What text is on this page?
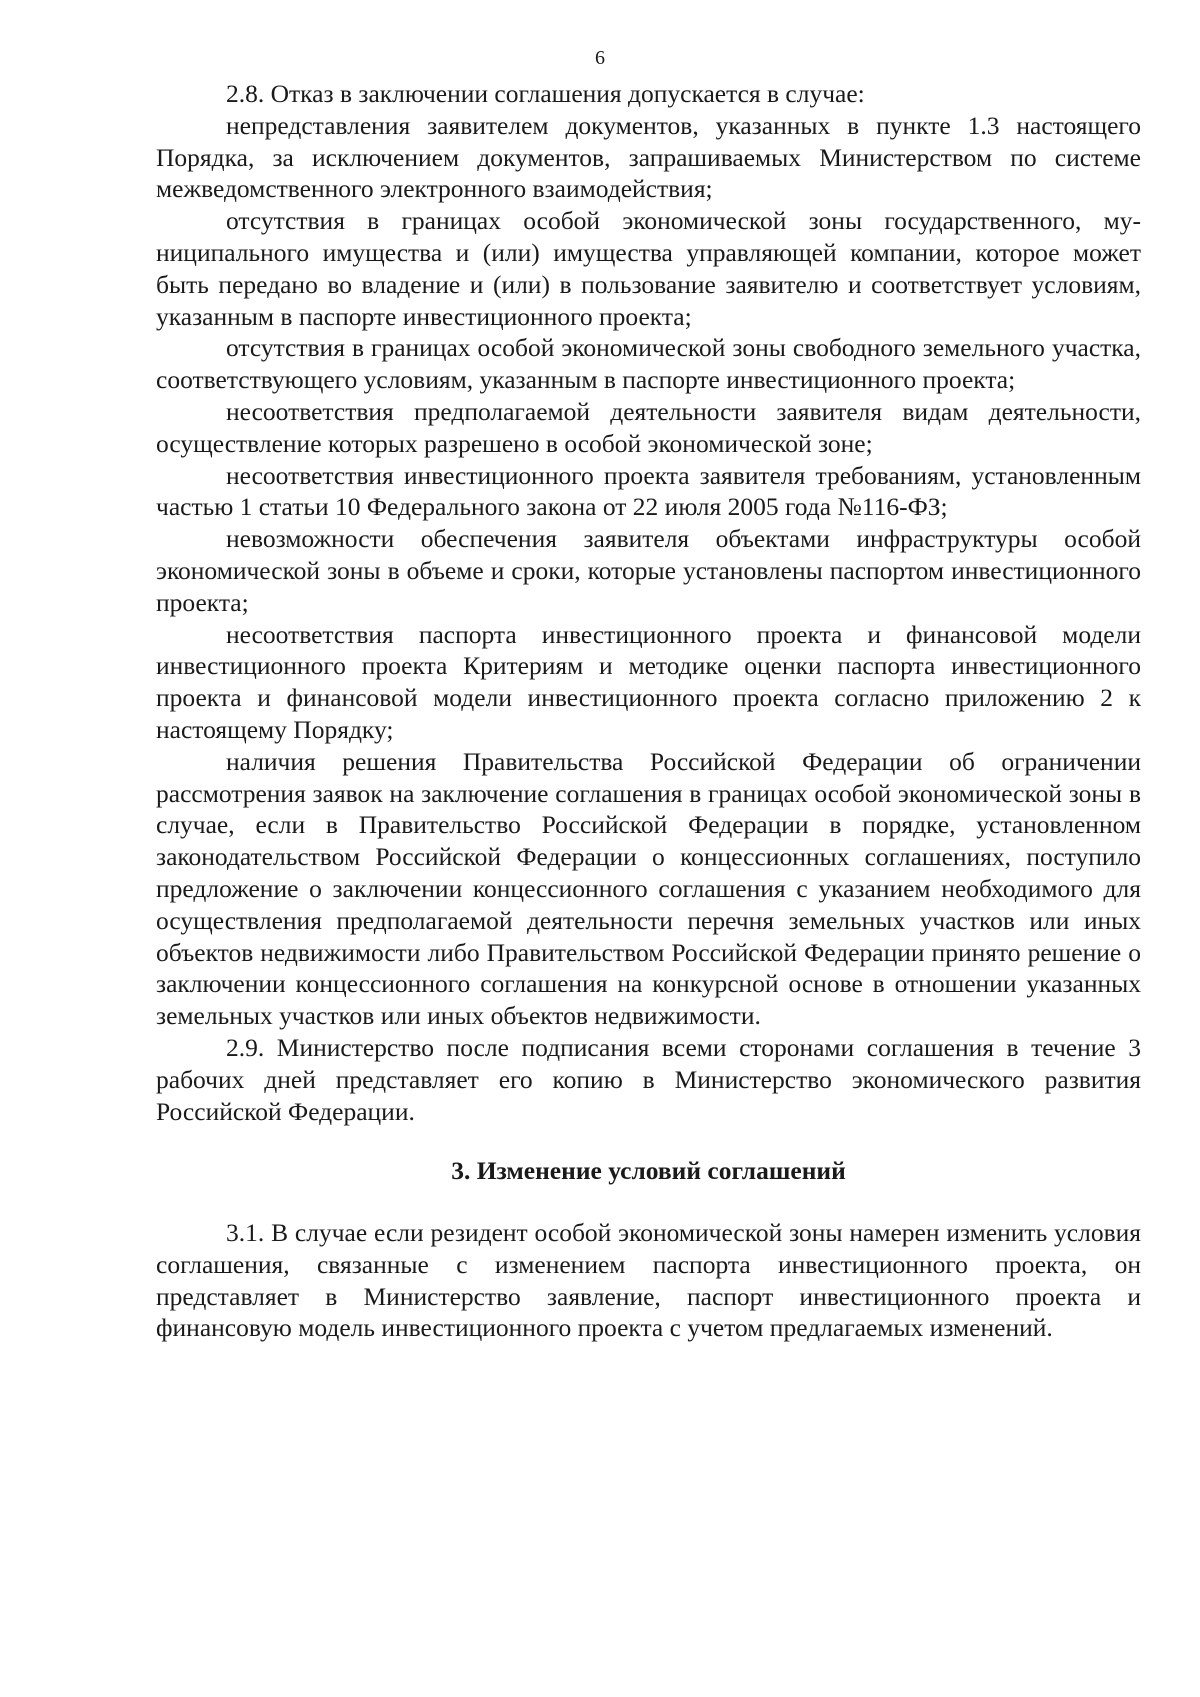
6

2.8. Отказ в заключении соглашения допускается в случае:

непредставления заявителем документов, указанных в пункте 1.3 настоящего Порядка, за исключением документов, запрашиваемых Министерством по системе межведомственного электронного взаимодействия;

отсутствия в границах особой экономической зоны государственного, муниципального имущества и (или) имущества управляющей компании, которое может быть передано во владение и (или) в пользование заявителю и соответствует условиям, указанным в паспорте инвестиционного проекта;

отсутствия в границах особой экономической зоны свободного земельного участка, соответствующего условиям, указанным в паспорте инвестиционного проекта;

несоответствия предполагаемой деятельности заявителя видам деятельности, осуществление которых разрешено в особой экономической зоне;

несоответствия инвестиционного проекта заявителя требованиям, установленным частью 1 статьи 10 Федерального закона от 22 июля 2005 года №116-ФЗ;

невозможности обеспечения заявителя объектами инфраструктуры особой экономической зоны в объеме и сроки, которые установлены паспортом инвестиционного проекта;

несоответствия паспорта инвестиционного проекта и финансовой модели инвестиционного проекта Критериям и методике оценки паспорта инвестиционного проекта и финансовой модели инвестиционного проекта согласно приложению 2 к настоящему Порядку;

наличия решения Правительства Российской Федерации об ограничении рассмотрения заявок на заключение соглашения в границах особой экономической зоны в случае, если в Правительство Российской Федерации в порядке, установленном законодательством Российской Федерации о концессионных соглашениях, поступило предложение о заключении концессионного соглашения с указанием необходимого для осуществления предполагаемой деятельности перечня земельных участков или иных объектов недвижимости либо Правительством Российской Федерации принято решение о заключении концессионного соглашения на конкурсной основе в отношении указанных земельных участков или иных объектов недвижимости.

2.9. Министерство после подписания всеми сторонами соглашения в течение 3 рабочих дней представляет его копию в Министерство экономического развития Российской Федерации.

3. Изменение условий соглашений

3.1. В случае если резидент особой экономической зоны намерен изменить условия соглашения, связанные с изменением паспорта инвестиционного проекта, он представляет в Министерство заявление, паспорт инвестиционного проекта и финансовую модель инвестиционного проекта с учетом предлагаемых изменений.
